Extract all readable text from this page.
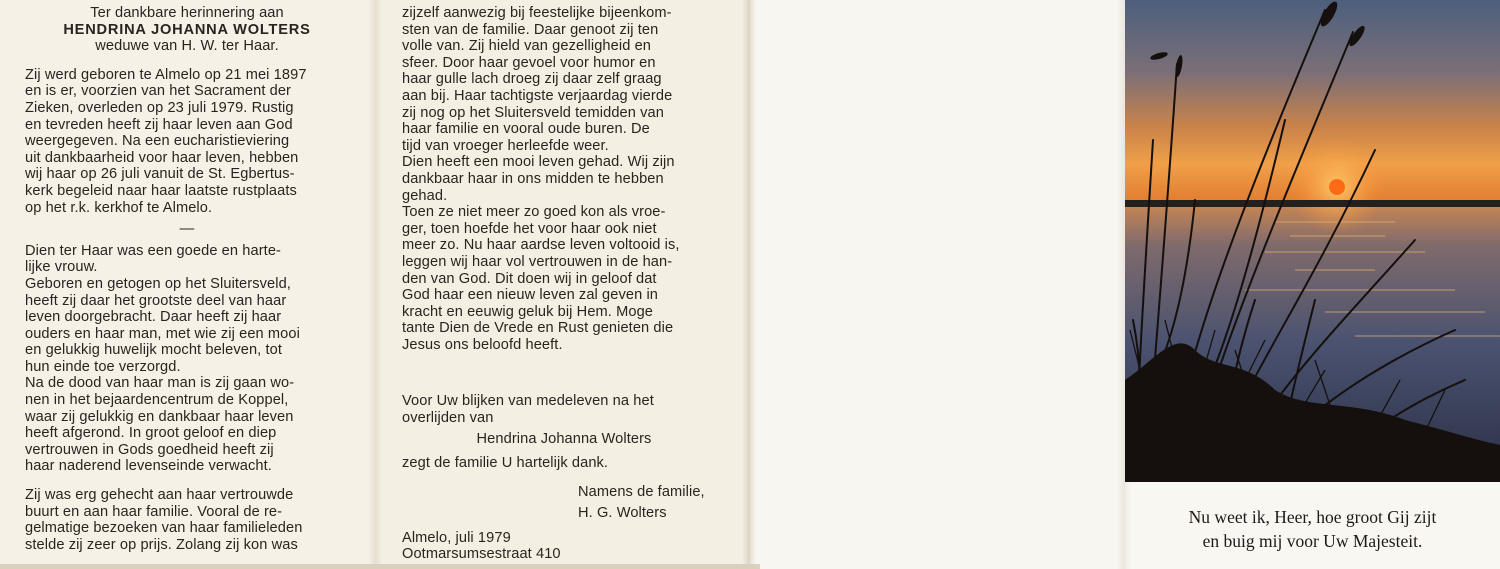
Ter dankbare herinnering aan
HENDRINA JOHANNA WOLTERS
weduwe van H. W. ter Haar.

Zij werd geboren te Almelo op 21 mei 1897
en is er, voorzien van het Sacrament der
Zieken, overleden op 23 juli 1979. Rustig
en tevreden heeft zij haar leven aan God
weergegeven. Na een eucharistieviering
uit dankbaarheid voor haar leven, hebben
wij haar op 26 juli vanuit de St. Egbertus-
kerk begeleid naar haar laatste rustplaats
op het r.k. kerkhof te Almelo.

—

Dien ter Haar was een goede en harte-
lijke vrouw.
Geboren en getogen op het Sluitersveld,
heeft zij daar het grootste deel van haar
leven doorgebracht. Daar heeft zij haar
ouders en haar man, met wie zij een mooi
en gelukkig huwelijk mocht beleven, tot
hun einde toe verzorgd.
Na de dood van haar man is zij gaan wo-
nen in het bejaardencentrum de Koppel,
waar zij gelukkig en dankbaar haar leven
heeft afgerond. In groot geloof en diep
vertrouwen in Gods goedheid heeft zij
haar naderend levenseinde verwacht.

Zij was erg gehecht aan haar vertrouwde
buurt en aan haar familie. Vooral de re-
gelmatige bezoeken van haar familieleden
stelde zij zeer op prijs. Zolang zij kon was

zijzelf aanwezig bij feestelijke bijeenkom-
sten van de familie. Daar genoot zij ten
volle van. Zij hield van gezelligheid en
sfeer. Door haar gevoel voor humor en
haar gulle lach droeg zij daar zelf graag
aan bij. Haar tachtigste verjaardag vierde
zij nog op het Sluitersveld temidden van
haar familie en vooral oude buren. De
tijd van vroeger herleefde weer.
Dien heeft een mooi leven gehad. Wij zijn
dankbaar haar in ons midden te hebben
gehad.
Toen ze niet meer zo goed kon als vroe-
ger, toen hoefde het voor haar ook niet
meer zo. Nu haar aardse leven voltooid is,
leggen wij haar vol vertrouwen in de han-
den van God. Dit doen wij in geloof dat
God haar een nieuw leven zal geven in
kracht en eeuwig geluk bij Hem. Moge
tante Dien de Vrede en Rust genieten die
Jesus ons beloofd heeft.

Voor Uw blijken van medeleven na het
overlijden van

Hendrina Johanna Wolters

zegt de familie U hartelijk dank.

Namens de familie,
H. G. Wolters

Almelo, juli 1979

Ootmarsumsestraat 410

Nu weet ik, Heer, hoe groot Gij zijt
en buig mij voor Uw Majesteit.
